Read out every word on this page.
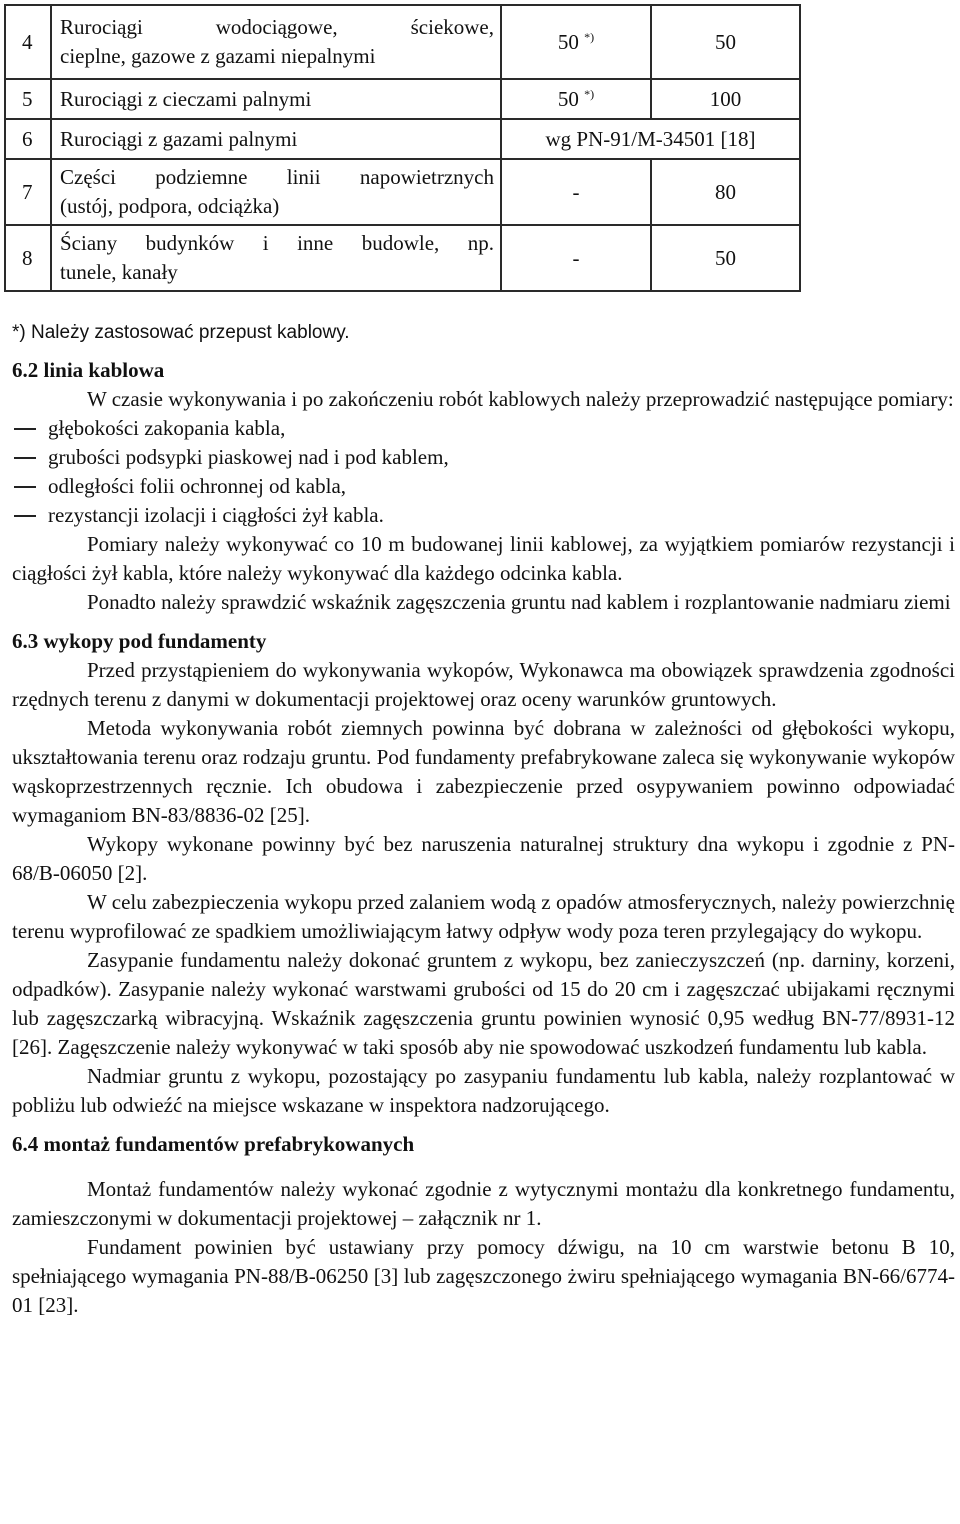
4	Rurociągi wodociągowe, ściekowe,
cieplne, gazowe z gazami niepalnymi	50 *)	50
5	Rurociągi z cieczami palnymi	50 *)	100
6	Rurociągi z gazami palnymi	wg PN-91/M-34501 [18]	
7	Części podziemne linii napowietrznych
(ustój, podpora, odciążka)	-	80
8	Ściany budynków i inne budowle, np.
tunele, kanały	-	50
*) Należy zastosować przepust kablowy.

6.2 linia kablowa

W czasie wykonywania i po zakończeniu robót kablowych należy przeprowadzić następujące pomiary:

głębokości zakopania kabla,
grubości podsypki piaskowej nad i pod kablem,
odległości folii ochronnej od kabla,
rezystancji izolacji i ciągłości żył kabla.

Pomiary należy wykonywać co 10 m budowanej linii kablowej, za wyjątkiem pomiarów rezystancji i ciągłości żył kabla, które należy wykonywać dla każdego odcinka kabla.

Ponadto należy sprawdzić wskaźnik zagęszczenia gruntu nad kablem i rozplantowanie nadmiaru ziemi

6.3 wykopy pod fundamenty

Przed przystąpieniem do wykonywania wykopów, Wykonawca ma obowiązek sprawdzenia zgodności rzędnych terenu z danymi w dokumentacji projektowej oraz oceny warunków gruntowych.

Metoda wykonywania robót ziemnych powinna być dobrana w zależności od głębokości wykopu, ukształtowania terenu oraz rodzaju gruntu. Pod fundamenty prefabrykowane zaleca się wykonywanie wykopów wąskoprzestrzennych ręcznie. Ich obudowa i zabezpieczenie przed osypywaniem powinno odpowiadać wymaganiom BN-83/8836-02 [25].

Wykopy wykonane powinny być bez naruszenia naturalnej struktury dna wykopu i zgodnie z PN-68/B-06050 [2].

W celu zabezpieczenia wykopu przed zalaniem wodą z opadów atmosferycznych, należy powierzchnię terenu wyprofilować ze spadkiem umożliwiającym łatwy odpływ wody poza teren przylegający do wykopu.

Zasypanie fundamentu należy dokonać gruntem z wykopu, bez zanieczyszczeń (np. darniny, korzeni, odpadków). Zasypanie należy wykonać warstwami grubości od 15 do 20 cm i zagęszczać ubijakami ręcznymi lub zagęszczarką wibracyjną. Wskaźnik zagęszczenia gruntu powinien wynosić 0,95 według BN-77/8931-12 [26]. Zagęszczenie należy wykonywać w taki sposób aby nie spowodować uszkodzeń fundamentu lub kabla.

Nadmiar gruntu z wykopu, pozostający po zasypaniu fundamentu lub kabla, należy rozplantować w pobliżu lub odwieźć na miejsce wskazane w inspektora nadzorującego.

6.4 montaż fundamentów prefabrykowanych

Montaż fundamentów należy wykonać zgodnie z wytycznymi montażu dla konkretnego fundamentu, zamieszczonymi w dokumentacji projektowej – załącznik nr 1.

Fundament powinien być ustawiany przy pomocy dźwigu, na 10 cm warstwie betonu B 10, spełniającego wymagania PN-88/B-06250 [3] lub zagęszczonego żwiru spełniającego wymagania BN-66/6774-01 [23].
